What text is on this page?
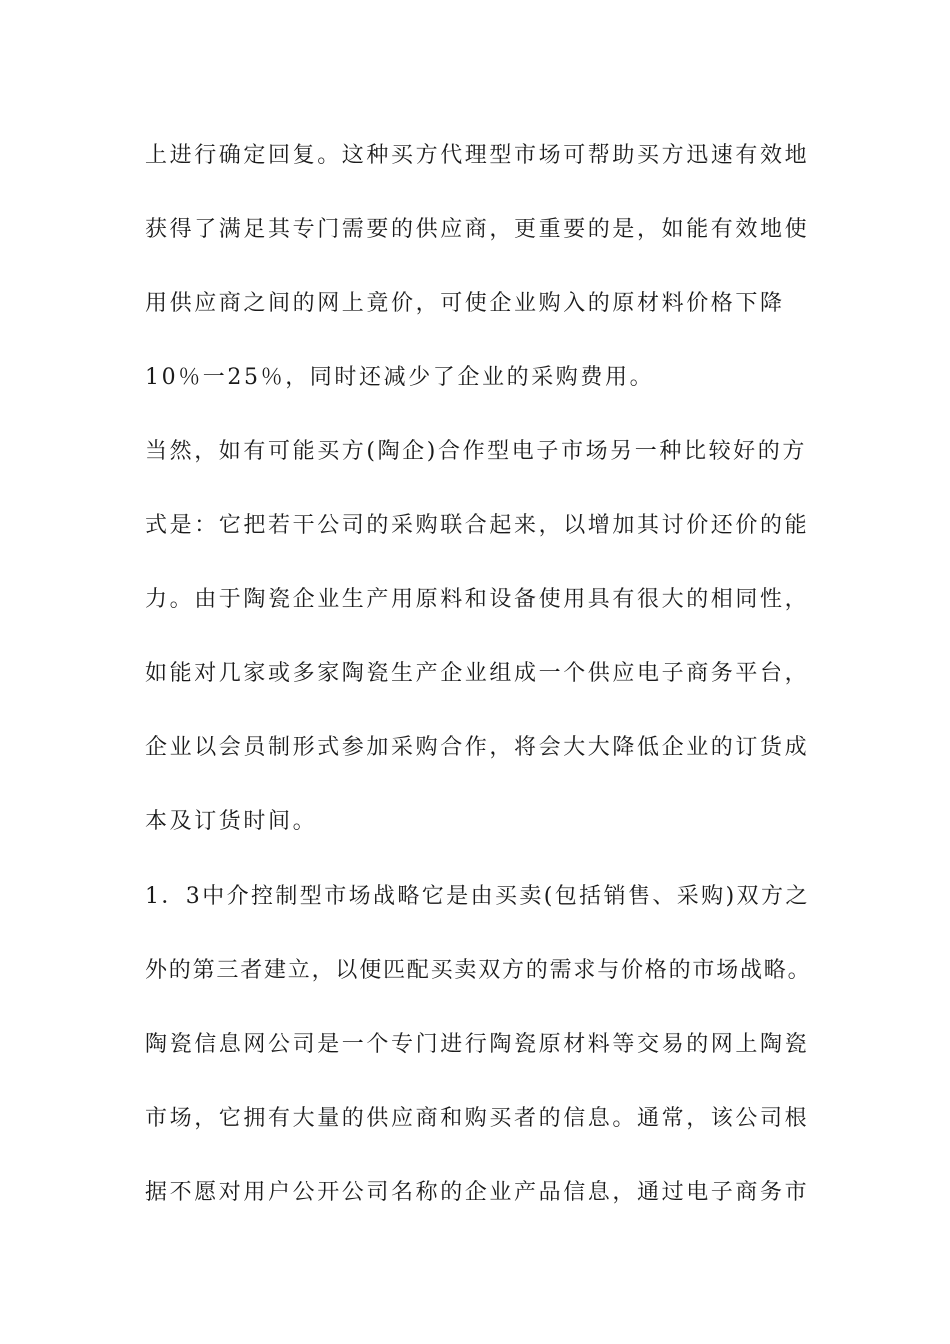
上进行确定回复。这种买方代理型市场可帮助买方迅速有效地
获得了满足其专门需要的供应商，更重要的是，如能有效地使
用供应商之间的网上竟价，可使企业购入的原材料价格下降
10％一25％，同时还减少了企业的采购费用。
当然，如有可能买方(陶企)合作型电子市场另一种比较好的方
式是：它把若干公司的采购联合起来，以增加其讨价还价的能
力。由于陶瓷企业生产用原料和设备使用具有很大的相同性，
如能对几家或多家陶瓷生产企业组成一个供应电子商务平台，
企业以会员制形式参加采购合作，将会大大降低企业的订货成
本及订货时间。
1．3中介控制型市场战略它是由买卖(包括销售、采购)双方之
外的第三者建立，以便匹配买卖双方的需求与价格的市场战略。
陶瓷信息网公司是一个专门进行陶瓷原材料等交易的网上陶瓷
市场，它拥有大量的供应商和购买者的信息。通常，该公司根
据不愿对用户公开公司名称的企业产品信息，通过电子商务市
